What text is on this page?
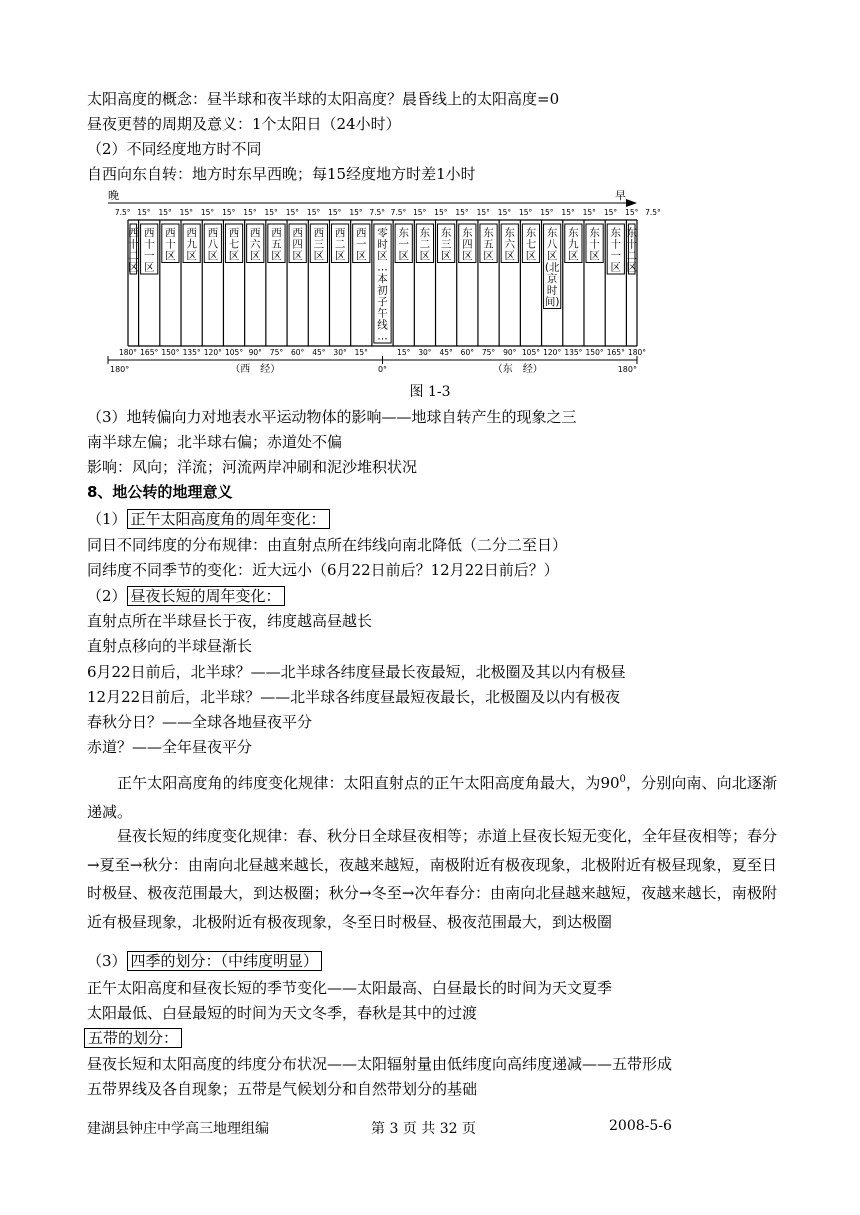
太阳高度的概念：昼半球和夜半球的太阳高度？晨昏线上的太阳高度=0
昼夜更替的周期及意义：1个太阳日（24小时）
（2）不同经度地方时不同
自西向东自转：地方时东早西晚；每15经度地方时差1小时
晚	早
7.5° 15° 15° 15° 15° 15° 15° 15° 15° 15° 15° 15° 7.5° 7.5° 15° 15° 15° 15° 15° 15° 15° 15° 15° 15° 15° 7.5°
西
十
二
区
西
十
一
区
西
十
区
西
九
区
西
八
区
西
七
区
西
六
区
西
五
区
西
四
区
西
三
区
西
二
区
西
一
区
零
时
区
…
本
初
子
午
线
…
东
一
区
东
二
区
东
三
区
东
四
区
东
五
区
东
六
区
东
七
区
东
八
区
(北
京
时
间)
东
九
区
东
十
区
东
十
一
区
东
十
二
区
180° 165° 150° 135° 120° 105° 90° 75° 60° 45° 30° 15°	15° 30° 45° 60° 75° 90° 105° 120° 135° 150° 165° 180°
180°	0°	180°
（西　经）	（东　经）
图 1-3
（3）地转偏向力对地表水平运动物体的影响——地球自转产生的现象之三
南半球左偏；北半球右偏；赤道处不偏
影响：风向；洋流；河流两岸冲刷和泥沙堆积状况
8、地公转的地理意义
（1） 正午太阳高度角的周年变化：
同日不同纬度的分布规律：由直射点所在纬线向南北降低（二分二至日）
同纬度不同季节的变化：近大远小（6月22日前后？12月22日前后？）
（2） 昼夜长短的周年变化：
直射点所在半球昼长于夜，纬度越高昼越长
直射点移向的半球昼渐长
6月22日前后，北半球？——北半球各纬度昼最长夜最短，北极圈及其以内有极昼
12月22日前后，北半球？——北半球各纬度昼最短夜最长，北极圈及以内有极夜
春秋分日？——全球各地昼夜平分
赤道？——全年昼夜平分
正午太阳高度角的纬度变化规律：太阳直射点的正午太阳高度角最大，为$90^0$，分别向南、向北逐渐递减。
昼夜长短的纬度变化规律：春、秋分日全球昼夜相等；赤道上昼夜长短无变化，全年昼夜相等；春分→夏至→秋分：由南向北昼越来越长，夜越来越短，南极附近有极夜现象，北极附近有极昼现象，夏至日时极昼、极夜范围最大，到达极圈；秋分→冬至→次年春分：由南向北昼越来越短，夜越来越长，南极附近有极昼现象，北极附近有极夜现象，冬至日时极昼、极夜范围最大，到达极圈
（3） 四季的划分：（中纬度明显）
正午太阳高度和昼夜长短的季节变化——太阳最高、白昼最长的时间为天文夏季
太阳最低、白昼最短的时间为天文冬季，春秋是其中的过渡
五带的划分：
昼夜长短和太阳高度的纬度分布状况——太阳辐射量由低纬度向高纬度递减——五带形成
五带界线及各自现象；五带是气候划分和自然带划分的基础
建湖县钟庄中学高三地理组编	第 3 页 共 32 页	2008-5-6
